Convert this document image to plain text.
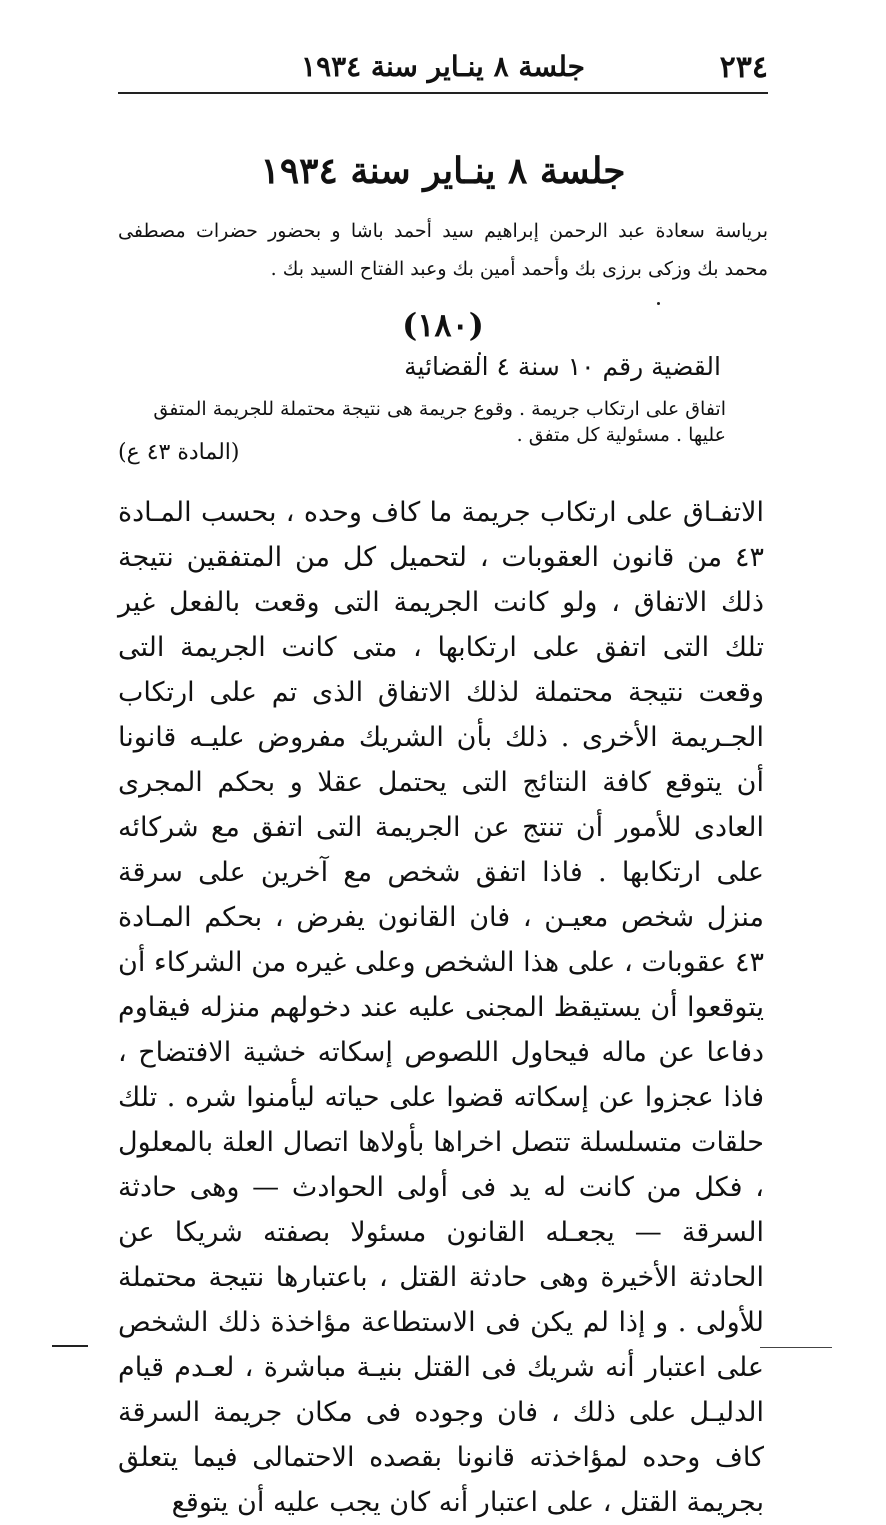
٢٣٤
جلسة ٨ ينـاير سنة ١٩٣٤
جلسة ٨ ينـاير سنة ١٩٣٤
برياسة سعادة عبد الرحمن إبراهيم سيد أحمد باشا و بحضور حضرات مصطفى محمد بك وزكى برزى بك وأحمد أمين بك وعبد الفتاح السيد بك .
(١٨٠)
القضية رقم ١٠ سنة ٤ القضائية
اتفاق على ارتكاب جريمة . وقوع جريمة هى نتيجة محتملة للجريمة المتفق عليها . مسئولية كل متفق .
(المادة ٤٣ ع)
الاتفـاق على ارتكاب جريمة ما كاف وحده ، بحسب المـادة ٤٣ من قانون العقوبات ، لتحميل كل من المتفقين نتيجة ذلك الاتفاق ، ولو كانت الجريمة التى وقعت بالفعل غير تلك التى اتفق على ارتكابها ، متى كانت الجريمة التى وقعت نتيجة محتملة لذلك الاتفاق الذى تم على ارتكاب الجـريمة الأخرى . ذلك بأن الشريك مفروض عليـه قانونا أن يتوقع كافة النتائج التى يحتمل عقلا و بحكم المجرى العادى للأمور أن تنتج عن الجريمة التى اتفق مع شركائه على ارتكابها . فاذا اتفق شخص مع آخرين على سرقة منزل شخص معيـن ، فان القانون يفرض ، بحكم المـادة ٤٣ عقوبات ، على هذا الشخص وعلى غيره من الشركاء أن يتوقعوا أن يستيقظ المجنى عليه عند دخولهم منزله فيقاوم دفاعا عن ماله فيحاول اللصوص إسكاته خشية الافتضاح ، فاذا عجزوا عن إسكاته قضوا على حياته ليأمنوا شره . تلك حلقات متسلسلة تتصل اخراها بأولاها اتصال العلة بالمعلول ، فكل من كانت له يد فى أولى الحوادث — وهى حادثة السرقة — يجعـله القانون مسئولا بصفته شريكا عن الحادثة الأخيرة وهى حادثة القتل ، باعتبارها نتيجة محتملة للأولى . و إذا لم يكن فى الاستطاعة مؤاخذة ذلك الشخص على اعتبار أنه شريك فى القتل بنيـة مباشرة ، لعـدم قيام الدليـل على ذلك ، فان وجوده فى مكان جريمة السرقة كاف وحده لمؤاخذته قانونا بقصده الاحتمالى فيما يتعلق بجريمة القتل ، على اعتبار أنه كان يجب عليه أن يتوقع
